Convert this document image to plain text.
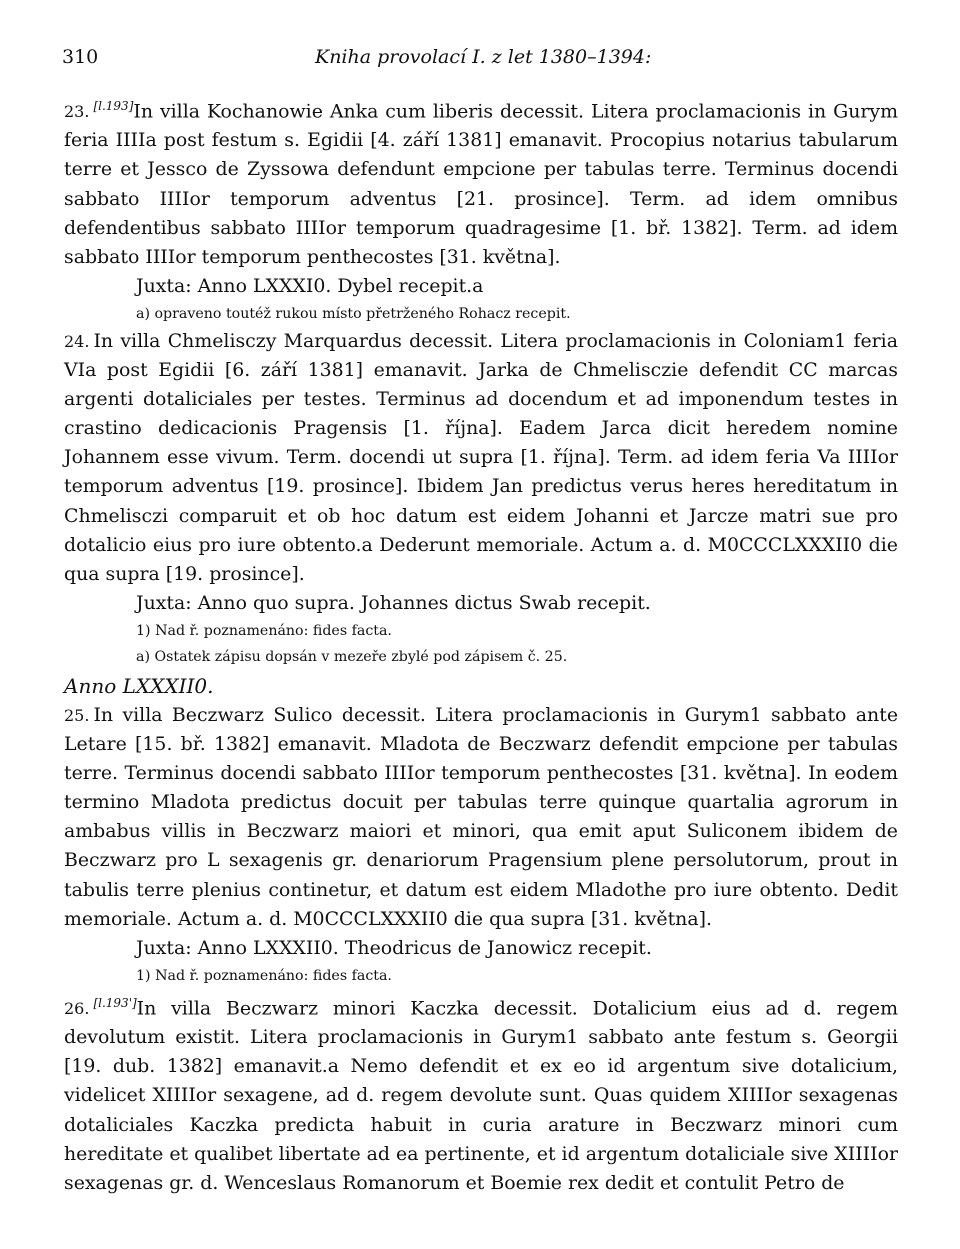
310	Kniha provolací I. z let 1380–1394:
23. [l.193]In villa Kochanowie Anka cum liberis decessit. Litera proclamacionis in Gurym feria IIIIa post festum s. Egidii [4. září 1381] emanavit. Procopius notarius tabularum terre et Jessco de Zyssowa defendunt empcione per tabulas terre. Terminus docendi sabbato IIIIor temporum adventus [21. prosince]. Term. ad idem omnibus defendentibus sabbato IIIIor temporum quadragesime [1. bř. 1382]. Term. ad idem sabbato IIIIor temporum penthecostes [31. května].
Juxta: Anno LXXXI0. Dybel recepit.a
a) opraveno toutéž rukou místo přetrženého Rohacz recepit.
24. In villa Chmelisczy Marquardus decessit. Litera proclamacionis in Coloniam1 feria VIa post Egidii [6. září 1381] emanavit. Jarka de Chmelisczie defendit CC marcas argenti dotaliciales per testes. Terminus ad docendum et ad imponendum testes in crastino dedicacionis Pragensis [1. října]. Eadem Jarca dicit heredem nomine Johannem esse vivum. Term. docendi ut supra [1. října]. Term. ad idem feria Va IIIIor temporum adventus [19. prosince]. Ibidem Jan predictus verus heres hereditatum in Chmelisczi comparuit et ob hoc datum est eidem Johanni et Jarcze matri sue pro dotalicio eius pro iure obtento.a Dederunt memoriale. Actum a. d. M0CCCLXXXII0 die qua supra [19. prosince].
Juxta: Anno quo supra. Johannes dictus Swab recepit.
1) Nad ř. poznamenáno: fides facta.
a) Ostatek zápisu dopsán v mezeře zbylé pod zápisem č. 25.
Anno LXXXII0.
25. In villa Beczwarz Sulico decessit. Litera proclamacionis in Gurym1 sabbato ante Letare [15. bř. 1382] emanavit. Mladota de Beczwarz defendit empcione per tabulas terre. Terminus docendi sabbato IIIIor temporum penthecostes [31. května]. In eodem termino Mladota predictus docuit per tabulas terre quinque quartalia agrorum in ambabus villis in Beczwarz maiori et minori, qua emit aput Suliconem ibidem de Beczwarz pro L sexagenis gr. denariorum Pragensium plene persolutorum, prout in tabulis terre plenius continetur, et datum est eidem Mladothe pro iure obtento. Dedit memoriale. Actum a. d. M0CCCLXXXII0 die qua supra [31. května].
Juxta: Anno LXXXII0. Theodricus de Janowicz recepit.
1) Nad ř. poznamenáno: fides facta.
26. [l.193']In villa Beczwarz minori Kaczka decessit. Dotalicium eius ad d. regem devolutum existit. Litera proclamacionis in Gurym1 sabbato ante festum s. Georgii [19. dub. 1382] emanavit.a Nemo defendit et ex eo id argentum sive dotalicium, videlicet XIIIIor sexagene, ad d. regem devolute sunt. Quas quidem XIIIIor sexagenas dotaliciales Kaczka predicta habuit in curia arature in Beczwarz minori cum hereditate et qualibet libertate ad ea pertinente, et id argentum dotaliciale sive XIIIIor sexagenas gr. d. Wenceslaus Romanorum et Boemie rex dedit et contulit Petro de
